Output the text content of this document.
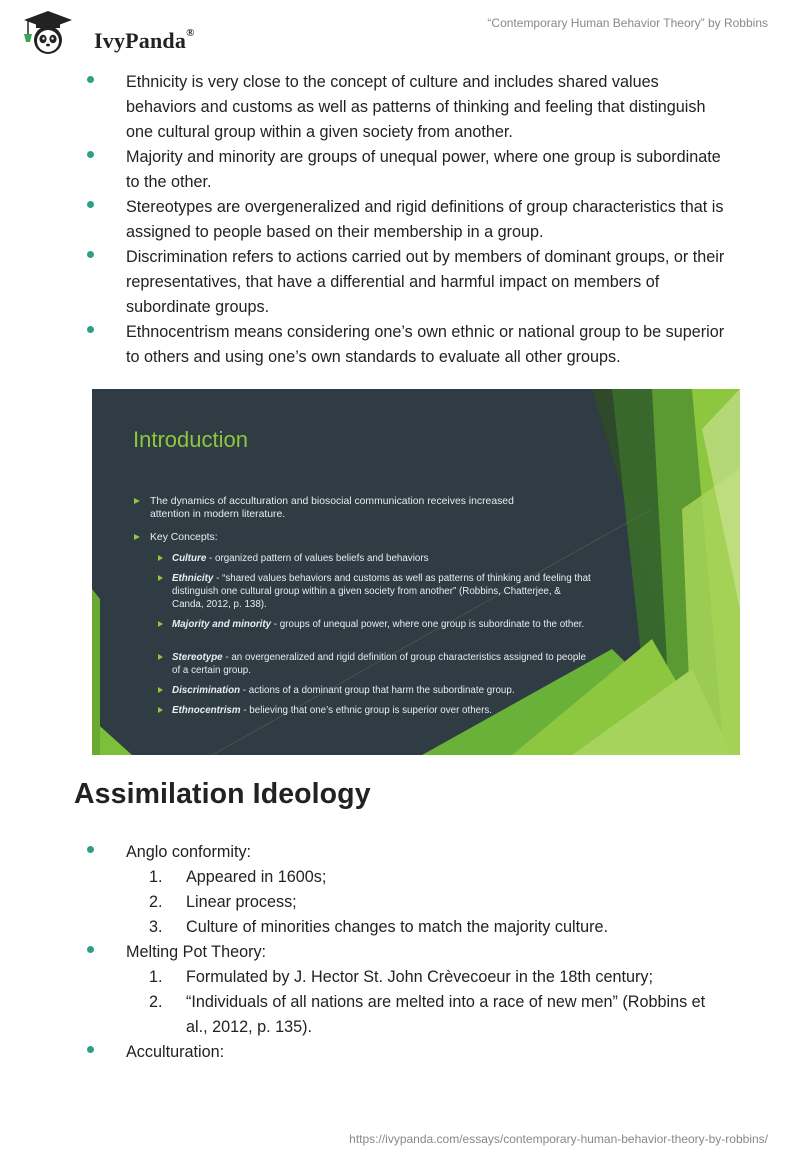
IvyPanda®
“Contemporary Human Behavior Theory” by Robbins
Ethnicity is very close to the concept of culture and includes shared values behaviors and customs as well as patterns of thinking and feeling that distinguish one cultural group within a given society from another.
Majority and minority are groups of unequal power, where one group is subordinate to the other.
Stereotypes are overgeneralized and rigid definitions of group characteristics that is assigned to people based on their membership in a group.
Discrimination refers to actions carried out by members of dominant groups, or their representatives, that have a differential and harmful impact on members of subordinate groups.
Ethnocentrism means considering one’s own ethnic or national group to be superior to others and using one’s own standards to evaluate all other groups.
Introduction
The dynamics of acculturation and biosocial communication receives increased attention in modern literature.
Key Concepts:
Culture - organized pattern of values beliefs and behaviors
Ethnicity - “shared values behaviors and customs as well as patterns of thinking and feeling that distinguish one cultural group within a given society from another” (Robbins, Chatterjee, & Canda, 2012, p. 138).
Majority and minority - groups of unequal power, where one group is subordinate to the other.
Stereotype - an overgeneralized and rigid definition of group characteristics assigned to people of a certain group.
Discrimination - actions of a dominant group that harm the subordinate group.
Ethnocentrism - believing that one’s ethnic group is superior over others.
Assimilation Ideology
Anglo conformity:
1. Appeared in 1600s;
2. Linear process;
3. Culture of minorities changes to match the majority culture.
Melting Pot Theory:
1. Formulated by J. Hector St. John Crèvecoeur in the 18th century;
2. “Individuals of all nations are melted into a race of new men” (Robbins et al., 2012, p. 135).
Acculturation:
https://ivypanda.com/essays/contemporary-human-behavior-theory-by-robbins/
